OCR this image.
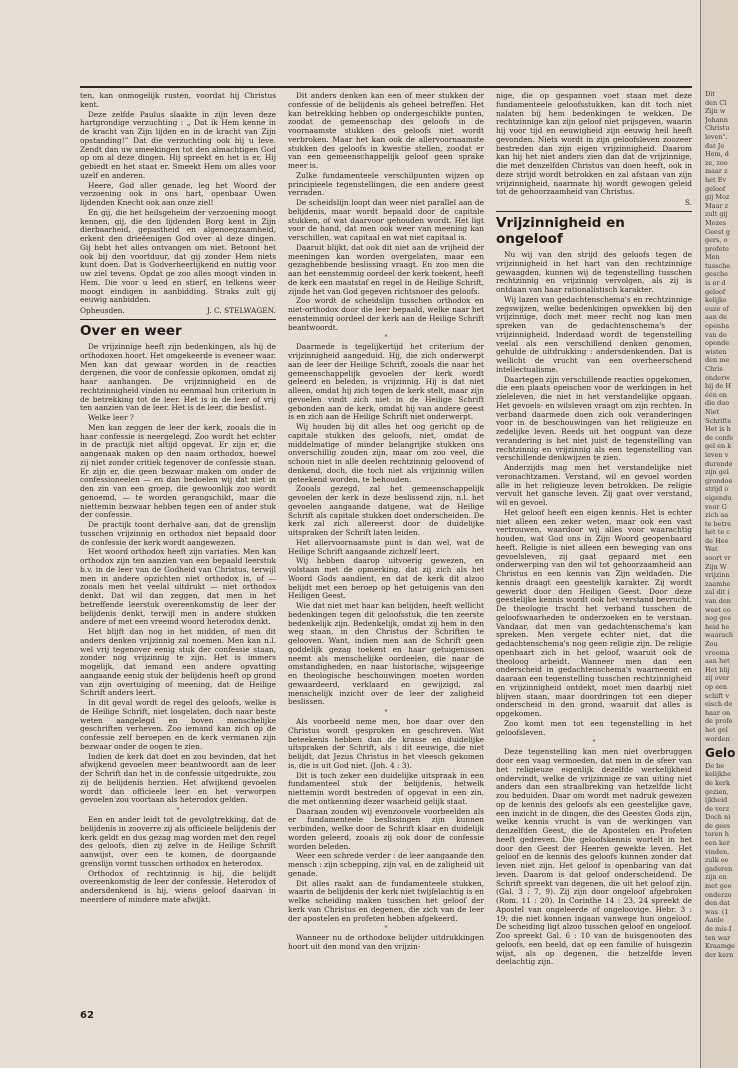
ten, kan onmogelijk rusten, voordat hij Christus kent.

Deze zelfde Paulus slaakte in zijn leven deze hartgrondige verzuchting : „ Dat ik Hem kenne in de kracht van Zijn lijden en in de kracht van Zijn opstanding!” Dat die verzuchting ook bij u leve. Zendt dan uw smeekingen tot den almachtigen God op om al deze dingen. Hij spreekt en het is er, Hij gebiedt en het staat er. Smeekt Hem om alles voor uzelf en anderen.

Heere, God aller genade, leg het Woord der verzoening ook in ons hart, openbaar Uwen lijdenden Knecht ook aan onze ziel!

En gij, die het heilsgeheim der verzoening moogt kennen, gij, die den lijdenden Borg kent in Zijn dierbaarheid, gepastheid en algenoegzaamheid, erkent den drieëenigen God over al deze dingen. Gij hebt het alles ontvangen om niet. Betoont het ook bij den voortduur, dat gij zonder Hem niets kunt doen. Dat is Godverheerlijkend en nuttig voor uw ziel tevens. Opdat ge zoo alles moogt vinden in Hem. Die voor u leed en stierf, en telkens weer moogt eindigen in aanbidding. Straks zult gij eeuwig aanbidden.

Opheusden.	J. C. STELWAGEN.
Over en weer

De vrijzinnige heeft zijn bedenkingen, als hij de orthodoxen hoort. Het omgekeerde is eveneer waar. Men kan dat gewaar worden in de reacties dergenen, die voor de confessie opkomen, omdat zij haar aanhangen. De vrijzinnigheid en de rechtzinnigheid vinden nu eenmaal hun criterium in de betrekking tot de leer. Het is in de leer of vrij ten aanzien van de leer. Het is de leer, die beslist.

Welke leer ?

Men kan zeggen de leer der kerk, zooals die in haar confessie is neergelegd. Zoo wordt het echter in de practijk niet altijd opgevat. Er zijn er, die aangenaak maken op den naam orthodox, hoewel zij niet zonder critiek tegenover de confessie staan. Er zijn er, die geen bezwaar maken om onder de confessioneelen — en dan bedoelen wij dat niet in den zin van een groep, die gewoonlijk zoo wordt genoemd, — te worden gerangschikt, maar die niettemin bezwaar hebben tegen een of ander stuk der confessie.

De practijk toont derhalve aan, dat de grenslijn tusschen vrijzinnig en orthodox niet bepaald door de confessie der kerk wordt aangewezen.

Het woord orthodox heeft zijn variaties. Men kan orthodox zijn ten aanzien van een bepaald leerstuk b.v. in de leer van de Godheid van Christus, terwijl men in andere opzichten niet orthodox is, of — zooals men het veelal uitdrukt — niet orthodox denkt. Dat wil dan zeggen, dat men in het betreffende leerstuk overeenkomstig de leer der belijdenis denkt, terwijl men in andere stukken andere of met een vreemd woord heterodox denkt.

Het blijft dan nog in het midden, of men dit anders denken vrijzinnig zal noemen. Men kan n.l. wel vrij tegenover eenig stuk der confessie staan, zonder nog vrijzinnig te zijn. Het is immers mogelijk, dat iemand een andere opvatting aangaande eenig stuk der belijdenis heeft op grond van zijn overtuiging of meening, dat de Heilige Schrift anders leert.

In dit geval wordt de regel des geloofs, welke is de Heilige Schrift, niet losgelaten, doch naar beste weten aangelegd en boven menschelijke geschriften verheven. Zoo iemand kan zich op de confessie zelf beroepen en de kerk vermanen zijn bezwaar onder de oogen te zien.

Indien de kerk dat doet en zou bevinden, dat het afwijkend gevoelen meer beantwoordt aan de leer der Schrift dan het in de confessie uitgedrukte, zou zij de belijdenis herzien. Het afwijkend gevoelen wordt dan officieele leer en het verworpen gevoelen zou voortaan als heterodox gelden.

*

Een en ander leidt tot de gevolgtrekking, dat de belijdenis in zooverre zij als officieele belijdenis der kerk geldt en dus gezag mag worden met den regel des geloofs, dien zij zelve in de Heilige Schrift aanwijst, over een te komen, de doorgaande grenslijn vormt tusschen orthodox en heterodox.

Orthodox of rechtzinnig is hij, die belijdt overeenkomstig de leer der confessie. Heterodox of andersdenkend is hij, wiens geloof daarvan in meerdere of mindere mate afwijkt.

Dit anders denken kan een of meer stukken der confessie of de belijdenis als geheel betreffen. Het kan betrekking hebben op ondergeschikte punten, zoodat de gemeenschap des geloofs in de voornaamste stukken des geloofs niet wordt verbroken. Maar het kan ook de allervoornaamste stukken des geloofs in kwestie stellen, zoodat er van een gemeenschappelijk geloof geen sprake meer is.

Zulke fundamenteele verschilpunten wijzen op principieele tegenstellingen, die een andere geest verraden.

De scheidslijn loopt dan weer niet parallel aan de belijdenis, maar wordt bepaald door de capitale stukken, of wat daarvoor gehouden wordt. Het ligt voor de hand, dat men ook weer van meening kan verschillen, wat capitaal en wat niet capitaal is.

Daaruit blijkt, dat ook dit niet aan de vrijheid der meeningen kan worden overgelaten, maar een gezaghebbende beslissing vraagt. En zoo men die aan het eenstemmig oordeel der kerk toekent, heeft de kerk een maatstaf en regel in de Heilige Schrift, zijnde het van God gegeven richtsnoer des geloofs.

Zoo wordt de scheidslijn tusschen orthodox en niet-orthodox door die leer bepaald, welke naar het eenstemmig oordeel der kerk aan de Heilige Schrift beantwoordt.

*

Daarmede is tegelijkertijd het criterium der vrijzinnigheid aangeduid. Hij, die zich onderwerpt aan de leer der Heilige Schrift, zooals die naar het gemeenschappelijk gevoelen der kerk wordt geleerd en beleden, is vrijzinnig. Hij is dat niet alleen, omdat hij zich tegen de kerk stelt, maar zijn gevoelen vindt zich niet in de Heilige Schrift gebonden aan de kerk, omdat hij van andere geest is en zich aan de Heilige Schrift niet onderwerpt.

Wij houden bij dit alles het oog gericht op de capitale stukken des geloofs, niet, omdat de middelmatige of minder belangrijke stukken ons onverschillig zouden zijn, maar om zoo veel, die schoon niet in alle deelen rechtzinnig geloovend of denkend, doch, die toch niet als vrijzinnig willen geteekend worden, te behouden.

Zooals gezegd, zal het gemeenschappelijk gevoelen der kerk in deze beslissend zijn, n.l. het gevoelen aangaande datgene, wat de Heilige Schrift als capitale stukken doet onderscheiden. De kerk zal zich allereerst door de duidelijke uitspraken der Schrift laten leiden.

Het allervoornaamste punt is dan wel, wat de Heilige Schrift aangaande zichzelf leert.

Wij hebben daarop uitvoerig gewezen, en volstaan met de opmerking, dat zij zich als het Woord Gods aandient, en dat de kerk dit alzoo belijdt met een beroep op het getuigenis van den Heiligen Geest.

Wie dat niet met haar kan belijden, heeft wellicht bedenkingen tegen dit geloofsstuk, die ten zeerste bedenkelijk zijn. Bedenkelijk, omdat zij hem in den weg staan, in den Christus der Schriften te gelooven. Want, indien men aan de Schrift geen goddelijk gezag toekent en haar getuigenissen neemt als menschelijke oordeelen, die naar de omstandigheden, en naar historische, wijsgeerige en theologische beschouwingen moeten worden gewaardeerd, verklaard en gewijzigd, zal menschelijk inzicht over de leer der zaligheid beslissen.

*

Als voorbeeld neme men, hoe daar over den Christus wordt gesproken en geschreven. Wat beteekenis hebben dan de krasse en duidelijke uitspraken der Schrift, als : dit eeuwige, die niet belijdt, dat Jezus Christus in het vleesch gekomen is, die is uit God niet. (Joh. 4 : 3).

Dit is toch zeker een duidelijke uitspraak in een fundamenteel stuk der belijdenis, hetwelk niettemin wordt bestreden of opgevat in een zin, die met ontkenning dezer waarheid gelijk staat.

Daaraan zouden wij evenzoovele voorbeelden als er fundamenteele beslissingen zijn kunnen verbinden, welke door de Schrift klaar en duidelijk worden geleerd, zooals zij ook door de confessie worden beleden.

Weer een schrede verder : de leer aangaande den mensch : zijn schepping, zijn val, en de zaligheid uit genade.

Dit alles raakt aan de fundamenteele stukken, waarin de belijdenis der kerk niet twijfelachtig is en welke scheiding maken tusschen het geloof der kerk van Christus en degenen, die zich van de leer der apostelen en profeten hebben afgekeerd.

*

Wanneer nu de orthodoxe belijder uitdrukkingen hoort uit den mond van den vrijzin-

nige, die op gespannen voet staan met deze fundamenteele geloofsstukken, kan dit toch niet nalaten bij hem bedenkingen te wekken. De rechtzinnige kan zijn geloof niet prijsgeven, waarin hij voor tijd en eeuwigheid zijn eeuwig heil heeft gevonden. Niets wordt in zijn geloofsleven zoozeer bestreden dan zijn eigen vrijzinnigheid. Daarom kan hij het niet anders zien dan dat de vrijzinnige, die met denzelfden Christus van doen heeft, ook in deze strijd wordt betrokken en zal afstaan van zijn vrijzinnigheid, naarmate hij wordt gewogen geleid tot de gehoorzaamheid van Christus.

S.
Vrijzinnigheid en ongeloof

Nu wij van den strijd des geloofs tegen de vrijzinnigheid in het hart van den rechtzinnige gewaagden, kunnen wij de tegenstelling tusschen rechtzinnig en vrijzinnig vervolgen, als zij is ontdaan van haar rationalistisch karakter.

Wij lazen van gedachtenschema's en rechtzinnige zegswijzen, welke bedenkingen opwekken bij den vrijzinnige, doch met meer recht nog kan men spreken van de gedachtenschema's der vrijzinnigheid. Inderdaad wordt de tegenstelling veelal als een verschillend denken genomen, gehulde de uitdrukking : andersdenkenden. Dat is wellicht de vrucht van een overheerschend intellectualisme.

Daartegen zijn verschillende reacties opgekomen, die een plaats opeischen voor de werkingen in het zieleleven, die niet in het verstandelijke opgaan. Het gevoels- en wilsleven vraagt om zijn rechten. In verband daarmede doen zich ook veranderingen voor in de beschouwingen van het religieuze en zedelijke leven. Reeds uit het oogpunt van deze verandering is het niet juist de tegenstelling van rechtzinnig en vrijzinnig als een tegenstelling van verschillende denkwijzen te zien.

Anderzijds mag men het verstandelijke niet veronachtzamen. Verstand, wil en gevoel worden alle in het religieuze leven betrokken. De religie vervult het gansche leven. Zij gaat over verstand, wil en gevoel.

Het geloof heeft een eigen kennis. Het is echter niet alleen een zeker weten, maar ook een vast vertrouwen, waardoor wij alles voor waarachtig houden, wat God ons in Zijn Woord geopenbaard heeft. Religie is niet alleen een beweging van ons gevoelsleven, zij gaat gepaard met een onderwerping van den wil tot gehoorzaamheid aan Christus en een kennis van Zijn weldaden. Die kennis draagt een geestelijk karakter. Zij wordt gewerkt door den Heiligen Geest. Door deze geestelijke kennis wordt ook het verstand bevrucht. De theologie tracht het verband tusschen de geloofswaarheden te onderzoeken en te verstaan. Vandaar, dat men van gedachtenschema's kan spreken. Men vergete echter niet, dat die gedachtenschema's nog geen religie zijn. De religie openbaart zich in het geloof, waaruit ook de theoloog arbeidt. Wanneer men dan een onderscheid in gedachtenschema's waarneemt en daaraan een tegenstelling tusschen rechtzinnigheid en vrijzinnigheid ontdekt, moet men daarbij niet blijven staan, maar doordringen tot een dieper onderscheid in den grond, waaruit dat alles is opgekomen.

Zoo komt men tot een tegenstelling in het geloofsleven.

*

Deze tegenstelling kan men niet overbruggen door een vaag vermoeden, dat men in de sfeer van het religieuze eigenlijk dezelfde werkelijkheid ondervindt, welke de vrijzinnige ze van uiting niet anders dan een straalbreking van hetzelfde licht zou beduiden. Daar om wordt met nadruk gewezen op de kennis des geloofs als een geestelijke gave, een inzicht in de dingen, die des Geestes Gods zijn, welke kennis vrucht is van de werkingen van denzelfden Geest, die de Apostelen en Profeten heeft gedreven. Die geloofskennis wortelt in het door den Geest der Heeren gewekte leven. Het geloof en de kennis des geloofs kunnen zonder dat leven niet zijn. Het geloof is openbaring van dat leven. Daarom is dat geloof onderscheidend. De Schrift spreekt van degenen, die uit het geloof zijn. (Gal. 3 : 7, 9). Zij zijn door ongeloof afgebroken (Rom. 11 : 20). In Corinthe 14 : 23, 24 spreekt de Apostel van ongeleerde of ongeloovige. Hebr. 3 : 19: die niet konnen ingaan vanwege hun ongeloof. De scheiding ligt alzoo tusschen geloof en ongeloof. Zoo spreekt Gal. 6 : 10 van de huisgenooten des geloofs, een beeld, dat op een familie of huisgezin wijst, als op degenen, die hetzelfde leven deelachtig zijn.

62
Dit
den Cl
Zijn w
Johann
Christu
leven".
dat Je
Hem, d
ze, zoo
maar z
het Ev
geloof
gij Moz
Maar z
zult gij
Mozes
Geest g
gers, o
profete
Men
tussche
gesche
is er d
geloof
kelijke
euze of
aan de
openba
van de
opende
wisten
den me
Chris
onderw
bij de H
één en
die doo
Niet
Schrifte
Het is h
de confe
gel en k
leven v
durende
zijn gel
grondoe
strijd o
eigendu
voor G
zich aa
te betre
het te c
de Hee
Wat
soort vr
Zijn W
vrijzinn
zaamhe
zal dit i
van den
weet oo
nog gee
heid he
waarach
Zou
vrooma
aan het
Het blij
zij over
op een
schift v
eisch de
haar on
de profe
het gel
worden
Gelo
De be
kelijkhe
de kerk
gezien,
ijkheid
de verz
Doch ni
de gees
toren h
een ker
vinden.
zulk ee
gaderen
zijn en
met gee
onderzo
den dat
was. (1
Aanle
de mis-I
ten war
Kraamge
der kern
